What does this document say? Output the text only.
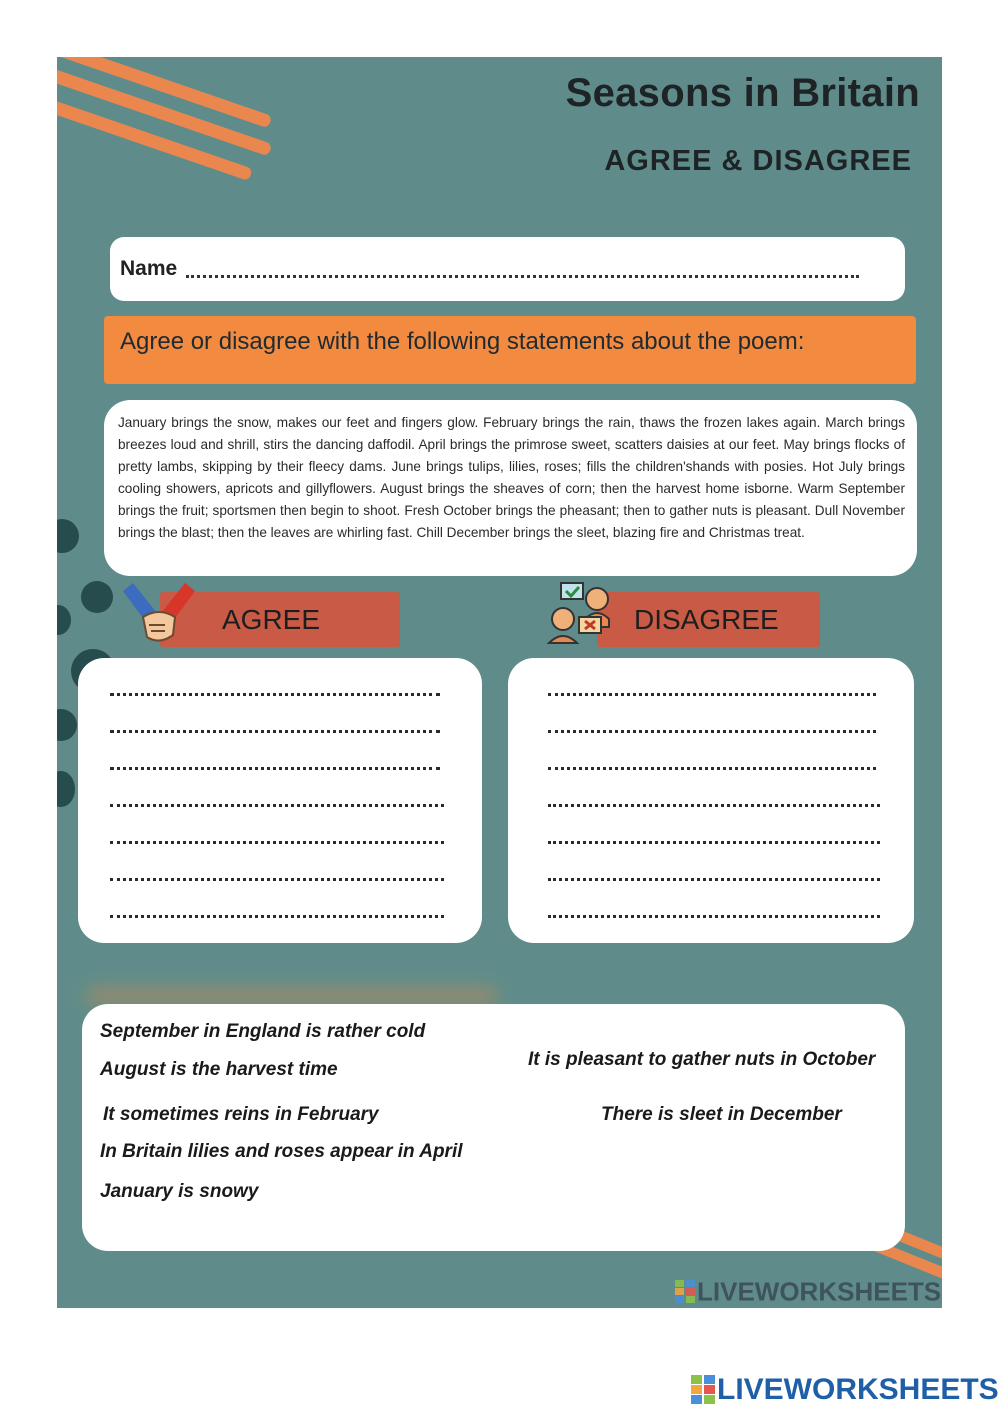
Seasons in Britain
AGREE & DISAGREE
Name

Agree or disagree with the following statements about the poem:

January brings the snow, makes our feet and fingers glow. February brings the rain, thaws the frozen lakes again. March brings breezes loud and shrill, stirs the dancing daffodil. April brings the primrose sweet, scatters daisies at our feet. May brings flocks of pretty lambs, skipping by their fleecy dams. June brings tulips, lilies, roses; fills the children'shands with posies. Hot July brings cooling showers, apricots and gillyflowers. August brings the sheaves of corn; then the harvest home isborne. Warm September brings the fruit; sportsmen then begin to shoot. Fresh October brings the pheasant; then to gather nuts is pleasant. Dull November brings the blast; then the leaves are whirling fast. Chill December brings the sleet, blazing fire and Christmas treat.

AGREE	DISAGREE
September in England is rather cold
August is the harvest time
It sometimes reins in February
In Britain lilies and roses appear in April
January is snowy
It is pleasant to gather nuts in October
There is sleet in December
LIVEWORKSHEETS
LIVEWORKSHEETS
